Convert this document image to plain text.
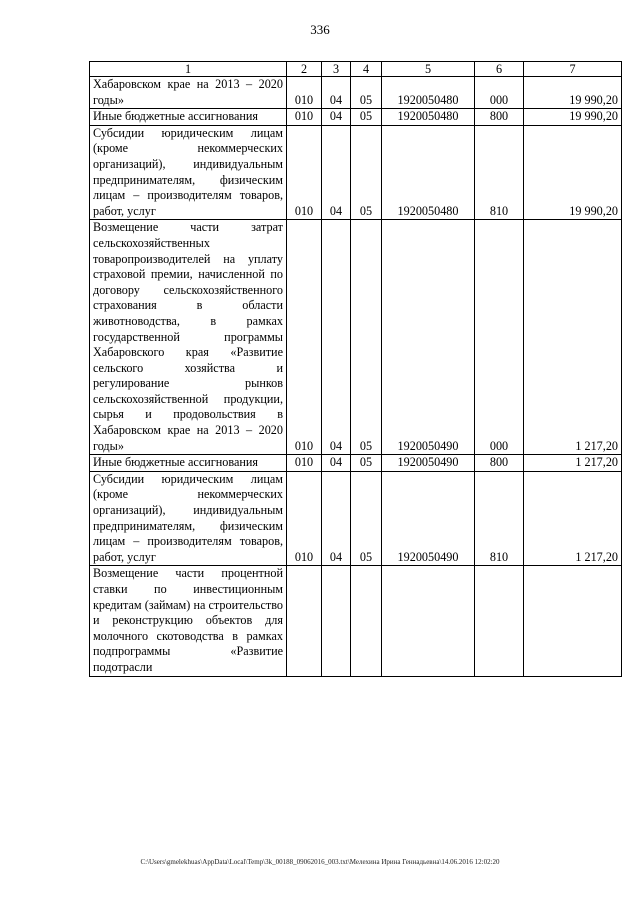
336
1	2	3	4	5	6	7
Хабаровском крае на 2013 – 2020 годы»	010	04	05	1920050480	000	19 990,20
Иные бюджетные ассигнования	010	04	05	1920050480	800	19 990,20
Субсидии юридическим лицам (кроме некоммерческих организаций), индивидуальным предпринимателям, физическим лицам – производителям товаров, работ, услуг	010	04	05	1920050480	810	19 990,20
Возмещение части затрат сельскохозяйственных товаропроизводителей на уплату страховой премии, начисленной по договору сельскохозяйственного страхования в области животноводства, в рамках государственной программы Хабаровского края «Развитие сельского хозяйства и регулирование рынков сельскохозяйственной продукции, сырья и продовольствия в Хабаровском крае на 2013 – 2020 годы»	010	04	05	1920050490	000	1 217,20
Иные бюджетные ассигнования	010	04	05	1920050490	800	1 217,20
Субсидии юридическим лицам (кроме некоммерческих организаций), индивидуальным предпринимателям, физическим лицам – производителям товаров, работ, услуг	010	04	05	1920050490	810	1 217,20
Возмещение части процентной ставки по инвестиционным кредитам (займам) на строительство и реконструкцию объектов для молочного скотоводства в рамках подпрограммы «Развитие подотрасли						
C:\Users\gmelekhuas\AppData\Local\Temp\3k_00188_09062016_003.txt\Мелехина Ирина Геннадьевна\14.06.2016 12:02:20
